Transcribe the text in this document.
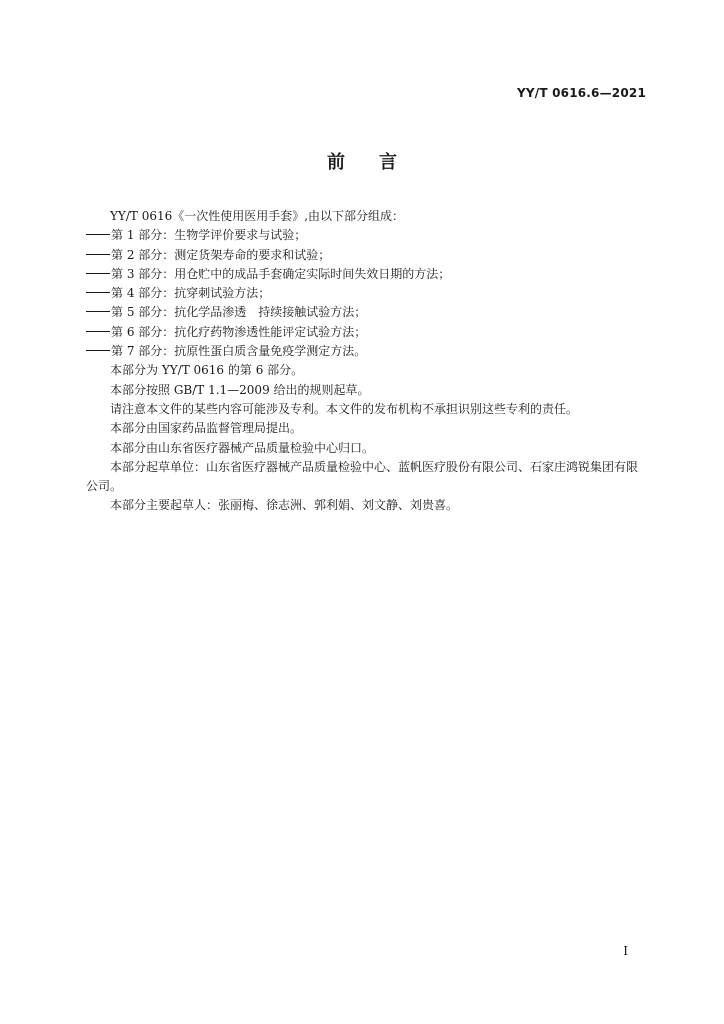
YY/T 0616.6—2021
前言

YY/T 0616《一次性使用医用手套》,由以下部分组成：

第 1 部分：生物学评价要求与试验；

第 2 部分：测定货架寿命的要求和试验；

第 3 部分：用仓贮中的成品手套确定实际时间失效日期的方法；

第 4 部分：抗穿刺试验方法；

第 5 部分：抗化学品渗透　持续接触试验方法；

第 6 部分：抗化疗药物渗透性能评定试验方法；

第 7 部分：抗原性蛋白质含量免疫学测定方法。

本部分为 YY/T 0616 的第 6 部分。

本部分按照 GB/T 1.1—2009 给出的规则起草。

请注意本文件的某些内容可能涉及专利。本文件的发布机构不承担识别这些专利的责任。

本部分由国家药品监督管理局提出。

本部分由山东省医疗器械产品质量检验中心归口。

本部分起草单位：山东省医疗器械产品质量检验中心、蓝帆医疗股份有限公司、石家庄鸿锐集团有限公司。

本部分主要起草人：张丽梅、徐志洲、郭利娟、刘文静、刘贵喜。

I
